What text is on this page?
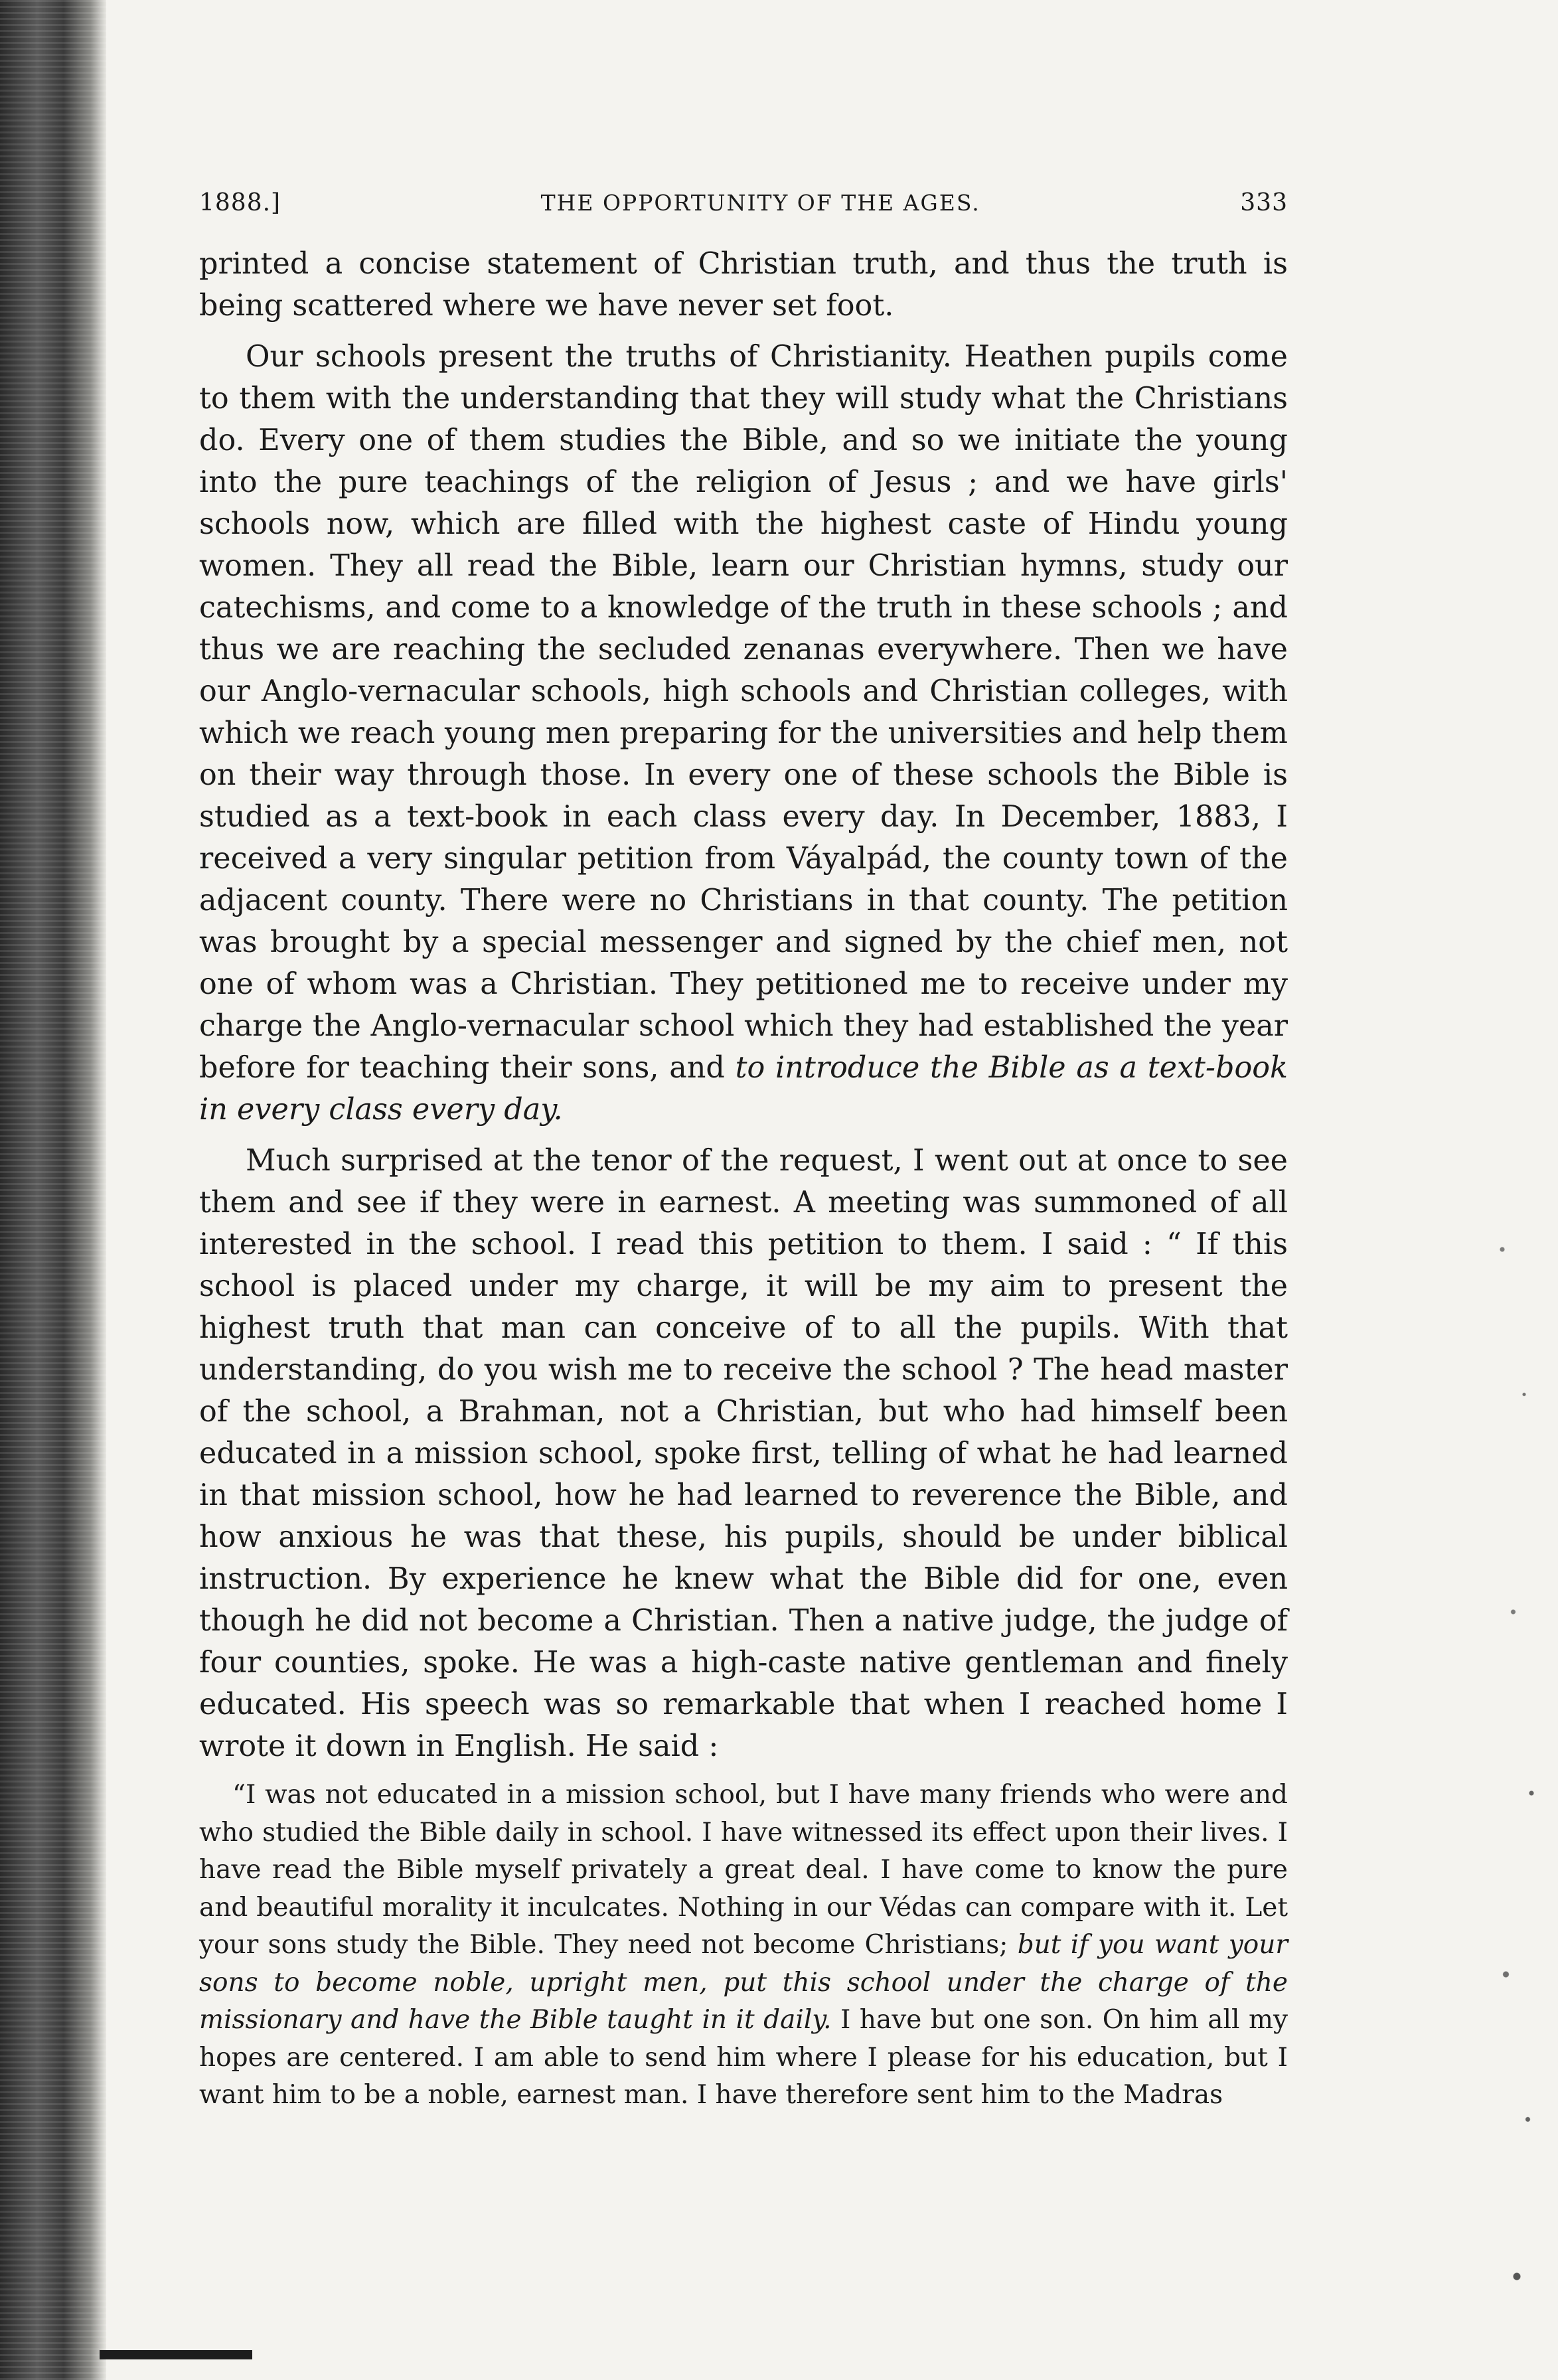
1888.]	THE OPPORTUNITY OF THE AGES.	333

printed a concise statement of Christian truth, and thus the truth is being scattered where we have never set foot.

Our schools present the truths of Christianity. Heathen pupils come to them with the understanding that they will study what the Christians do. Every one of them studies the Bible, and so we initiate the young into the pure teachings of the religion of Jesus ; and we have girls' schools now, which are filled with the highest caste of Hindu young women. They all read the Bible, learn our Christian hymns, study our catechisms, and come to a knowledge of the truth in these schools ; and thus we are reaching the secluded zenanas everywhere. Then we have our Anglo-vernacular schools, high schools and Christian colleges, with which we reach young men preparing for the universities and help them on their way through those. In every one of these schools the Bible is studied as a text-book in each class every day. In December, 1883, I received a very singular petition from Váyalpád, the county town of the adjacent county. There were no Christians in that county. The petition was brought by a special messenger and signed by the chief men, not one of whom was a Christian. They petitioned me to receive under my charge the Anglo-vernacular school which they had established the year before for teaching their sons, and to introduce the Bible as a text-book in every class every day.

Much surprised at the tenor of the request, I went out at once to see them and see if they were in earnest. A meeting was summoned of all interested in the school. I read this petition to them. I said : “ If this school is placed under my charge, it will be my aim to present the highest truth that man can conceive of to all the pupils. With that understanding, do you wish me to receive the school ? The head master of the school, a Brahman, not a Christian, but who had himself been educated in a mission school, spoke first, telling of what he had learned in that mission school, how he had learned to reverence the Bible, and how anxious he was that these, his pupils, should be under biblical instruction. By experience he knew what the Bible did for one, even though he did not become a Christian. Then a native judge, the judge of four counties, spoke. He was a high-caste native gentleman and finely educated. His speech was so remarkable that when I reached home I wrote it down in English. He said :

“I was not educated in a mission school, but I have many friends who were and who studied the Bible daily in school. I have witnessed its effect upon their lives. I have read the Bible myself privately a great deal. I have come to know the pure and beautiful morality it inculcates. Nothing in our Védas can compare with it. Let your sons study the Bible. They need not become Christians; but if you want your sons to become noble, upright men, put this school under the charge of the missionary and have the Bible taught in it daily. I have but one son. On him all my hopes are centered. I am able to send him where I please for his education, but I want him to be a noble, earnest man. I have therefore sent him to the Madras
